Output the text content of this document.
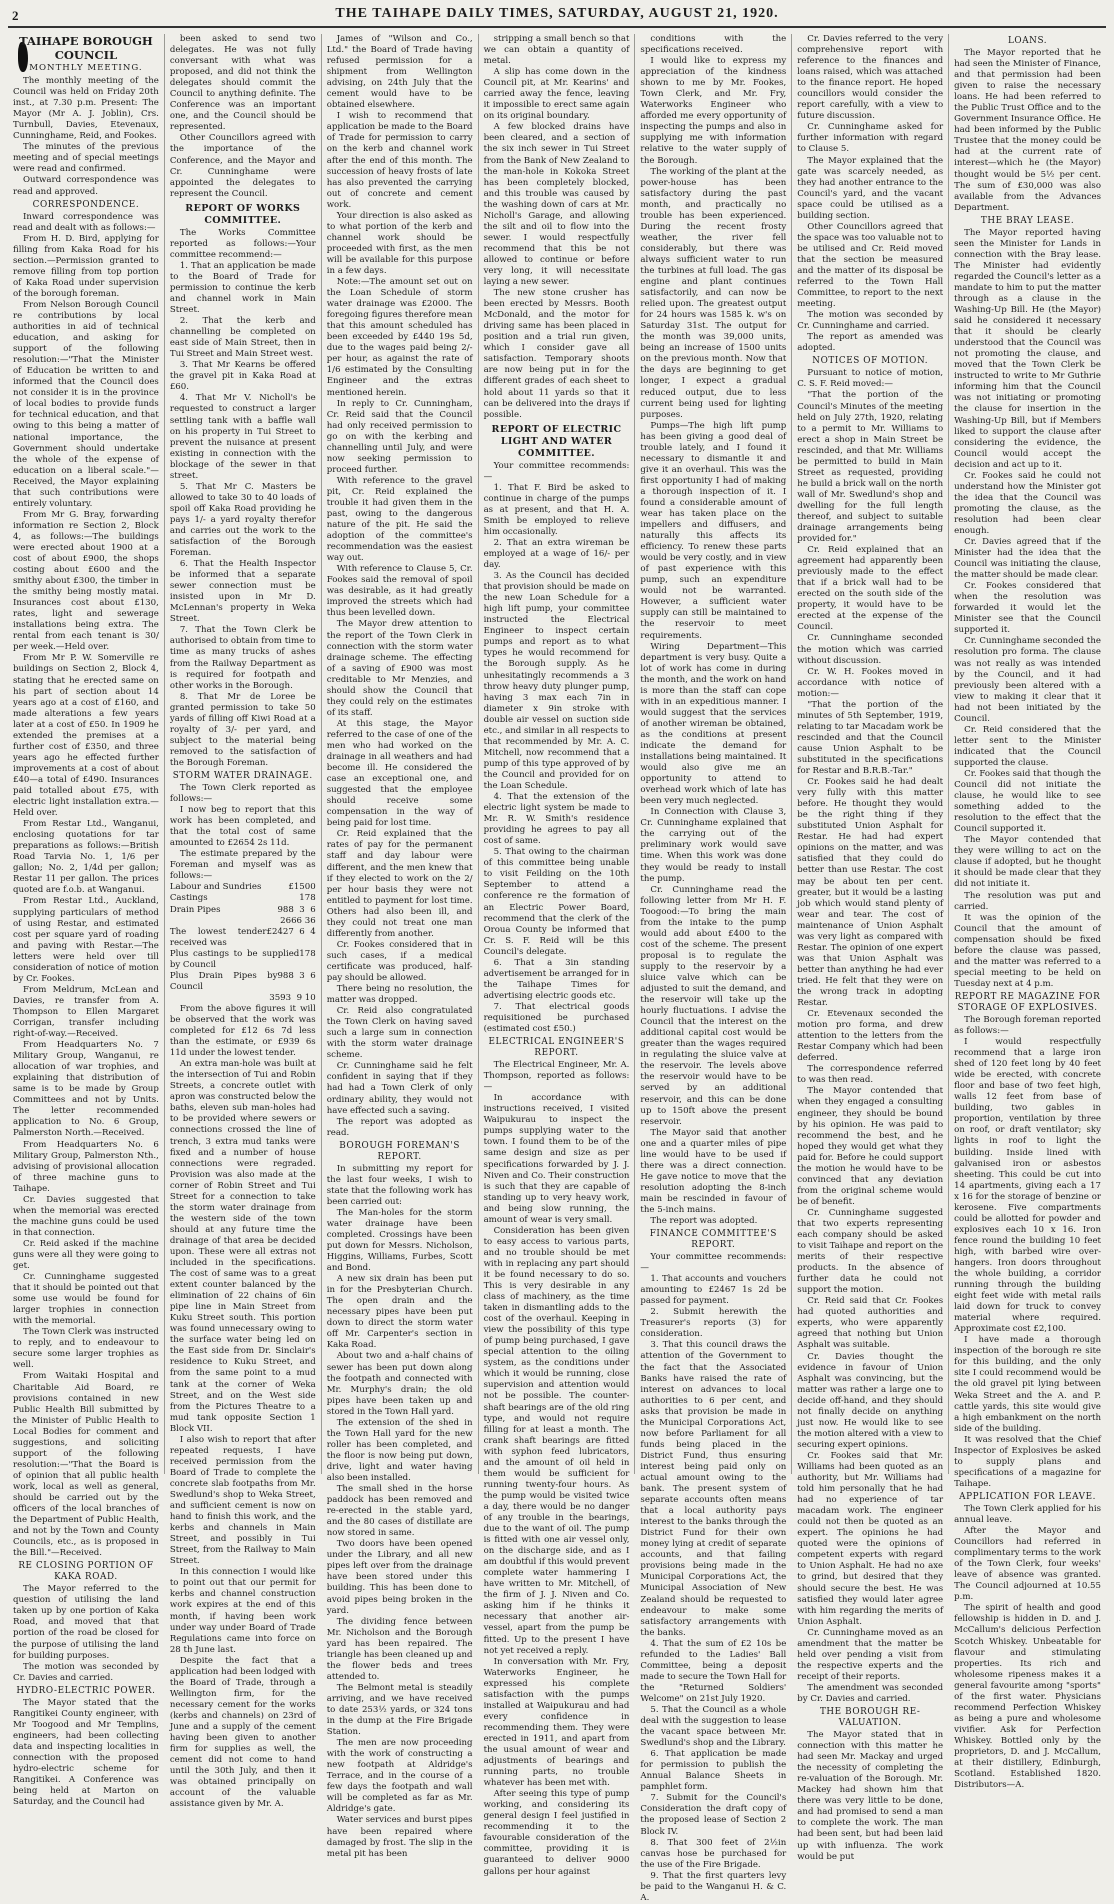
2	THE TAIHAPE DAILY TIMES, SATURDAY, AUGUST 21, 1920.
TAIHAPE BOROUGH COUNCIL
MONTHLY MEETING.

The monthly meeting of the Council was held on Friday 20th inst., at 7.30 p.m. Present: The Mayor (Mr A. J. Joblin), Crs. Turnbull, Davies, Etevenaux, Cunninghame, Reid, and Fookes.

The minutes of the previous meeting and of special meetings were read and confirmed.

Outward correspondence was read and approved.

CORRESPONDENCE.

Inward correspondence was read and dealt with as follows:—

From H. D. Bird, applying for filling from Kaka Road for his section.—Permission granted to remove filling from top portion of Kaka Road under supervision of the borough foreman.

From Nelson Borough Council re contributions by local authorities in aid of technical education, and asking for support of the following resolution:—"That the Minister of Education be written to and informed that the Council does not consider it is in the province of local bodies to provide funds for technical education, and that owing to this being a matter of national importance, the Government should undertake the whole of the expense of education on a liberal scale."—Received, the Mayor explaining that such contributions were entirely voluntary.

From Mr G. Bray, forwarding information re Section 2, Block 4, as follows:—The buildings were erected about 1900 at a cost of about £900, the shops costing about £600 and the smithy about £300, the timber in the smithy being mostly matai. Insurances cost about £130, rates, light and sewerage installations being extra. The rental from each tenant is 30/ per week.—Held over.

From Mr P. W. Somerville re buildings on Section 2, Block 4, stating that he erected same on his part of section about 14 years ago at a cost of £160, and made alterations a few years later at a cost of £50. In 1909 he extended the premises at a further cost of £350, and three years ago he effected further improvements at a cost of about £40—a total of £490. Insurances paid totalled about £75, with electric light installation extra.—Held over.

From Restar Ltd., Wanganui, enclosing quotations for tar preparations as follows:—British Road Tarvia No. 1, 1/6 per gallon; No. 2, 1/4d per gallon; Restar 11 per gallon. The prices quoted are f.o.b. at Wanganui.

From Restar Ltd., Auckland, supplying particulars of method of using Restar, and estimated cost per square yard of roading and paving with Restar.—The letters were held over till consideration of notice of motion by Cr. Fookes.

From Meldrum, McLean and Davies, re transfer from A. Thompson to Ellen Margaret Corrigan, transfer including right-of-way.—Received.

From Headquarters No. 7 Military Group, Wanganui, re allocation of war trophies, and explaining that distribution of same is to be made by Group Committees and not by Units. The letter recommended application to No. 6 Group, Palmerston North.—Received.

From Headquarters No. 6 Military Group, Palmerston Nth., advising of provisional allocation of three machine guns to Taihape.

Cr. Davies suggested that when the memorial was erected the machine guns could be used in that connection.

Cr. Reid asked if the machine guns were all they were going to get.

Cr. Cunninghame suggested that it should be pointed out that some use would be found for larger trophies in connection with the memorial.

The Town Clerk was instructed to reply, and to endeavour to secure some larger trophies as well.

From Waitaki Hospital and Charitable Aid Board, re provisions contained in new Public Health Bill submitted by the Minister of Public Health to Local Bodies for comment and suggestions, and soliciting support of the following resolution:—"That the Board is of opinion that all public health work, local as well as general, should be carried out by the officers of the local branches of the Department of Public Health, and not by the Town and County Councils, etc., as is proposed in the Bill."—Received.

RE CLOSING PORTION OF KAKA ROAD.

The Mayor referred to the question of utilising the land taken up by one portion of Kaka Road, and moved that that portion of the road be closed for the purpose of utilising the land for building purposes.

The motion was seconded by Cr. Davies and carried.

HYDRO-ELECTRIC POWER.

The Mayor stated that the Rangitikei County engineer, with Mr Toogood and Mr Templins, engineers, had been collecting data and inspecting localities in connection with the proposed hydro-electric scheme for Rangitikei. A Conference was being held at Marton on Saturday, and the Council had

been asked to send two delegates. He was not fully conversant with what was proposed, and did not think the delegates should commit the Council to anything definite. The Conference was an important one, and the Council should be represented.

Other Councillors agreed with the importance of the Conference, and the Mayor and Cr. Cunninghame were appointed the delegates to represent the Council.

REPORT OF WORKS COMMITTEE.

The Works Committee reported as follows:—Your committee recommend:—

1. That an application be made to the Board of Trade for permission to continue the kerb and channel work in Main Street.

2. That the kerb and channelling be completed on east side of Main Street, then in Tui Street and Main Street west.

3. That Mr Kearns be offered the gravel pit in Kaka Road at £60.

4. That Mr V. Nicholl's be requested to construct a larger settling tank with a baffle wall on his property in Tui Street to prevent the nuisance at present existing in connection with the blockage of the sewer in that street.

5. That Mr C. Masters be allowed to take 30 to 40 loads of spoil off Kaka Road providing he pays 1/- a yard royalty therefor and carries out the work to the satisfaction of the Borough Foreman.

6. That the Health Inspector be informed that a separate sewer connection must be insisted upon in Mr D. McLennan's property in Weka Street.

7. That the Town Clerk be authorised to obtain from time to time as many trucks of ashes from the Railway Department as is required for footpath and other works in the Borough.

8. That Mr de Loree be granted permission to take 50 yards of filling off Kiwi Road at a royalty of 3/- per yard, and subject to the material being removed to the satisfaction of the Borough Foreman.

STORM WATER DRAINAGE.

The Town Clerk reported as follows:—

I now beg to report that this work has been completed, and that the total cost of same amounted to £2654 2s 11d.

The estimate prepared by the Foreman and myself was as follows:—

Labour and Sundries	£1500

Castings	178

Drain Pipes	988  3  6

2666 36

The lowest tender received was
£2427  6  4

Plus castings to be supplied by Council
178

Plus Drain Pipes by Council
988  3  6

3593  9 10

From the above figures it will be observed that the work was completed for £12 6s 7d less than the estimate, or £939 6s 11d under the lowest tender.

An extra man-hole was built at the intersection of Tui and Robin Streets, a concrete outlet with apron was constructed below the baths, eleven sub man-holes had to be provided where sewers or connections crossed the line of trench, 3 extra mud tanks were fixed and a number of house connections were regraded. Provision was also made at the corner of Robin Street and Tui Street for a connection to take the storm water drainage from the western side of the town should at any future time the drainage of that area be decided upon. These were all extras not included in the specifications. The cost of same was to a great extent counter balanced by the elimination of 22 chains of 6in pipe line in Main Street from Kuku Street south. This portion was found unnecessary owing to the surface water being led on the East side from Dr. Sinclair's residence to Kuku Street, and from the same point to a mud tank at the corner of Weka Street, and on the West side from the Pictures Theatre to a mud tank opposite Section 1 Block VII.

I also wish to report that after repeated requests, I have received permission from the Board of Trade to complete the concrete slab footpaths from Mr. Swedlund's shop to Weka Street, and sufficient cement is now on hand to finish this work, and the kerbs and channels in Main Street, and possibly in Tui Street, from the Railway to Main Street.

In this connection I would like to point out that our permit for kerbs and channel construction work expires at the end of this month, if having been work under way under Board of Trade Regulations came into force on 28 th June last.

Despite the fact that a application had been lodged with the Board of Trade, through a Wellington firm, for the necessary cement for the works (kerbs and channels) on 23rd of June and a supply of the cement having been given to another firm for supplies as well, the cement did not come to hand until the 30th July, and then it was obtained principally on account of the valuable assistance given by Mr. A.

James of "Wilson and Co., Ltd." the Board of Trade having refused permission for a shipment from Wellington advising, on 24th July that the cement would have to be obtained elsewhere.

I wish to recommend that application be made to the Board of Trade for permission to carry on the kerb and channel work after the end of this month. The succession of heavy frosts of late has also prevented the carrying out of concrete and cement work.

Your direction is also asked as to what portion of the kerb and channel work should be proceeded with first, as the men will be available for this purpose in a few days.

Note:—The amount set out on the Loan Schedule of storm water drainage was £2000. The foregoing figures therefore mean that this amount scheduled has been exceeded by £440 19s 5d, due to the wages paid being 2/- per hour, as against the rate of 1/6 estimated by the Consulting Engineer and the extras mentioned herein.

In reply to Cr. Cunningham, Cr. Reid said that the Council had only received permission to go on with the kerbing and channelling until July, and were now seeking permission to proceed further.

With reference to the gravel pit, Cr. Reid explained the trouble it had given them in the past, owing to the dangerous nature of the pit. He said the adoption of the committee's recommendation was the easiest way out.

With reference to Clause 5, Cr. Fookes said the removal of spoil was desirable, as it had greatly improved the streets which had thus been levelled down.

The Mayor drew attention to the report of the Town Clerk in connection with the storm water drainage scheme. The effecting of a saving of £900 was most creditable to Mr Menzies, and should show the Council that they could rely on the estimates of its staff.

At this stage, the Mayor referred to the case of one of the men who had worked on the drainage in all weathers and had become ill. He considered the case an exceptional one, and suggested that the employee should receive some compensation in the way of being paid for lost time.

Cr. Reid explained that the rates of pay for the permanent staff and day labour were different, and the men knew that if they elected to work on the 2/ per hour basis they were not entitled to payment for lost time. Others had also been ill, and they could not treat one man differently from another.

Cr. Fookes considered that in such cases, if a medical certificate was produced, half-pay should be allowed.

There being no resolution, the matter was dropped.

Cr. Reid also congratulated the Town Clerk on having saved such a large sum in connection with the storm water drainage scheme.

Cr. Cunninghame said he felt confident in saying that if they had had a Town Clerk of only ordinary ability, they would not have effected such a saving.

The report was adopted as read.

BOROUGH FOREMAN'S REPORT.

In submitting my report for the last four weeks, I wish to state that the following work has been carried out:

The Man-holes for the storm water drainage have been completed. Crossings have been put down for Messrs. Nicholson, Higgins, Williams, Furbes, Scott and Bond.

A new six drain has been put in for the Presbyterian Church. The open drain and the necessary pipes have been put down to direct the storm water off Mr. Carpenter's section in Kaka Road.

About two and a-half chains of sewer has been put down along the footpath and connected with Mr. Murphy's drain; the old pipes have been taken up and stored in the Town Hall yard.

The extension of the shed in the Town Hall yard for the new roller has been completed, and the floor is now being put down, drive, light and water having also been installed.

The small shed in the horse paddock has been removed and re-erected in the stable yard, and the 80 cases of distillate are now stored in same.

Two doors have been opened under the Library, and all new pipes left over from the drainage have been stored under this building. This has been done to avoid pipes being broken in the yard.

The dividing fence between Mr. Nicholson and the Borough yard has been repaired. The triangle has been cleaned up and the flower beds and trees attended to.

The Belmont metal is steadily arriving, and we have received to date 253½ yards, or 324 tons in the dump at the Fire Brigade Station.

The men are now proceeding with the work of constructing a new footpath at Aldridge's Terrace, and in the course of a few days the footpath and wall will be completed as far as Mr. Aldridge's gate.

Water services and burst pipes have been repaired where damaged by frost. The slip in the metal pit has been

stripping a small bench so that we can obtain a quantity of metal.

A slip has come down in the Council pit, at Mr. Kearins' and carried away the fence, leaving it impossible to erect same again on its original boundary.

A few blocked drains have been cleared, and a section of the six inch sewer in Tui Street from the Bank of New Zealand to the man-hole in Kokoka Street has been completely blocked, and this trouble was caused by the washing down of cars at Mr. Nicholl's Garage, and allowing the silt and oil to flow into the sewer. I would respectfully recommend that this be not allowed to continue or before very long, it will necessitate laying a new sewer.

The new stone crusher has been erected by Messrs. Booth McDonald, and the motor for driving same has been placed in position and a trial run given, which I consider gave all satisfaction. Temporary shoots are now being put in for the different grades of each sheet to hold about 11 yards so that it can be delivered into the drays if possible.

REPORT OF ELECTRIC LIGHT AND WATER COMMITTEE.

Your committee recommends:—

1. That F. Bird be asked to continue in charge of the pumps as at present, and that H. A. Smith be employed to relieve him occasionally.

2. That an extra wireman be employed at a wage of 16/- per day.

3. As the Council has decided that provision should be made on the new Loan Schedule for a high lift pump, your committee instructed the Electrical Engineer to inspect certain pumps and report as to what types he would recommend for the Borough supply. As he unhesitatingly recommends a 3 throw heavy duty plunger pump, having 3 max each 7in in diameter x 9in stroke with double air vessel on suction side etc., and similar in all respects to that recommended by Mr. A. C. Mitchell, now recommend that a pump of this type approved of by the Council and provided for on the Loan Schedule.

4. That the extension of the electric light system be made to Mr. R. W. Smith's residence providing he agrees to pay all cost of same.

5. That owing to the chairman of this committee being unable to visit Feilding on the 10th September to attend a conference re the formation of an Electric Power Board, recommend that the clerk of the Oroua County be informed that Cr. S. F. Reid will be this Council's delegate.

6. That a 3in standing advertisement be arranged for in the Taihape Times for advertising electric goods etc.

7. That electrical goods requisitioned be purchased (estimated cost £50.)

ELECTRICAL ENGINEER'S REPORT.

The Electrical Engineer, Mr. A. Thompson, reported as follows:—

In accordance with instructions received, I visited Waipukurau to inspect the pumps supplying water to the town. I found them to be of the same design and size as per specifications forwarded by J. J. Niven and Co. Their construction is such that they are capable of standing up to very heavy work, and being slow running, the amount of wear is very small.

Consideration has been given to easy access to various parts, and no trouble should be met with in replacing any part should it be found necessary to do so. This is very desirable in any class of machinery, as the time taken in dismantling adds to the cost of the overhaul. Keeping in view the possibility of this type of pump being purchased, I gave special attention to the oiling system, as the conditions under which it would be running, close supervision and attention would not be possible. The counter-shaft bearings are of the old ring type, and would not require filling for at least a month. The crank shaft bearings are fitted with syphon feed lubricators, and the amount of oil held in them would be sufficient for running twenty-four hours. As the pump would be visited twice a day, there would be no danger of any trouble in the bearings, due to the want of oil. The pump is fitted with one air vessel only, on the discharge side, and as I am doubtful if this would prevent complete water hammering I have written to Mr. Mitchell, of the firm of J. J. Niven and Co. asking him if he thinks it necessary that another air-vessel, apart from the pump be fitted. Up to the present I have not yet received a reply.

In conversation with Mr. Fry, Waterworks Engineer, he expressed his complete satisfaction with the pumps installed at Waipukurau and had every confidence in recommending them. They were erected in 1911, and apart from the usual amount of wear and adjustments of bearings and running parts, no trouble whatever has been met with.

After seeing this type of pump working, and considering its general design I feel justified in recommending it to the favourable consideration of the committee, providing it is guaranteed to deliver 9000 gallons per hour against

conditions with the specifications received.

I would like to express my appreciation of the kindness shown to me by Mr. Fookes, Town Clerk, and Mr. Fry, Waterworks Engineer who afforded me every opportunity of inspecting the pumps and also in supplying me with information relative to the water supply of the Borough.

The working of the plant at the power-house has been satisfactory during the past month, and practically no trouble has been experienced. During the recent frosty weather, the river fell considerably, but there was always sufficient water to run the turbines at full load. The gas engine and plant continues satisfactorily, and can now be relied upon. The greatest output for 24 hours was 1585 k. w's on Saturday 31st. The output for the month was 39,000 units, being an increase of 1500 units on the previous month. Now that the days are beginning to get longer, I expect a gradual reduced output, due to less current being used for lighting purposes.

Pumps—The high lift pump has been giving a good deal of trouble lately, and I found it necessary to dismantle it and give it an overhaul. This was the first opportunity I had of making a thorough inspection of it. I found a considerable amount of wear has taken place on the impellers and diffusers, and naturally this affects its efficiency. To renew these parts would be very costly, and in view of past experience with this pump, such an expenditure would not be warranted. However, a sufficient water supply can still be maintained to the reservoir to meet requirements.

Wiring Department—This department is very busy. Quite a lot of work has come in during the month, and the work on hand is more than the staff can cope with in an expeditious manner. I would suggest that the services of another wireman be obtained, as the conditions at present indicate the demand for installations being maintained. It would also give me an opportunity to attend to overhead work which of late has been very much neglected.

In Connection with Clause 3, Cr. Cunninghame explained that the carrying out of the preliminary work would save time. When this work was done they would be ready to install the pump.

Cr. Cunninghame read the following letter from Mr H. F. Toogood:—To bring the main from the intake to the pump would add about £400 to the cost of the scheme. The present proposal is to regulate the supply to the reservoir by a sluice valve which can be adjusted to suit the demand, and the reservoir will take up the hourly fluctuations. I advise the Council that the interest on the additional capital cost would be greater than the wages required in regulating the sluice valve at the reservoir. The levels above the reservoir would have to be served by an additional reservoir, and this can be done up to 150ft above the present reservoir.

The Mayor said that another one and a quarter miles of pipe line would have to be used if there was a direct connection. He gave notice to move that the resolution adopting the 8-inch main be rescinded in favour of the 5-inch mains.

The report was adopted.

FINANCE COMMITTEE'S REPORT.

Your committee recommends:—

1. That accounts and vouchers amounting to £2467 1s 2d be passed for payment.

2. Submit herewith the Treasurer's reports (3) for consideration.

3. That this council draws the attention of the Government to the fact that the Associated Banks have raised the rate of interest on advances to local authorities to 6 per cent, and asks that provision be made in the Municipal Corporations Act, now before Parliament for all funds being placed in the District Fund, thus ensuring interest being paid only on actual amount owing to the bank. The present system of separate accounts often means that a local authority pays interest to the banks through the District Fund for their own money lying at credit of separate accounts, and that failing provisions being made in the Municipal Corporations Act, the Municipal Association of New Zealand should be requested to endeavour to make some satisfactory arrangements with the banks.

4. That the sum of £2 10s be refunded to the Ladies' Ball Committee, being a deposit made to secure the Town Hall for the "Returned Soldiers' Welcome" on 21st July 1920.

5. That the Council as a whole deal with the suggestion to lease the vacant space between Mr. Swedlund's shop and the Library.

6. That application be made for permission to publish the Annual Balance Sheets in pamphlet form.

7. Submit for the Council's Consideration the draft copy of the proposed lease of Section 2 Block IV.

8. That 300 feet of 2½in canvas hose be purchased for the use of the Fire Brigade.

9. That the first quarters levy be paid to the Wanganui H. & C. A.

Cr. Davies referred to the very comprehensive report with reference to the finances and loans raised, which was attached to the finance report. He hoped councillors would consider the report carefully, with a view to future discussion.

Cr. Cunninghame asked for further information with regard to Clause 5.

The Mayor explained that the gate was scarcely needed, as they had another entrance to the Council's yard, and the vacant space could be utilised as a building section.

Other Councillors agreed that the space was too valuable not to be utilised and Cr. Reid moved that the section be measured and the matter of its disposal be referred to the Town Hall Committee, to report to the next meeting.

The motion was seconded by Cr. Cunninghame and carried.

The report as amended was adopted.

NOTICES OF MOTION.

Pursuant to notice of motion, C. S. F. Reid moved:—

"That the portion of the Council's Minutes of the meeting held on July 27th, 1920, relating to a permit to Mr. Williams to erect a shop in Main Street be rescinded, and that Mr. Williams be permitted to build in Main Street as requested, providing he build a brick wall on the north wall of Mr. Swedlund's shop and dwelling for the full length thereof, and subject to suitable drainage arrangements being provided for."

Cr. Reid explained that an agreement had apparently been previously made to the effect that if a brick wall had to be erected on the south side of the property, it would have to be erected at the expense of the Council.

Cr. Cunninghame seconded the motion which was carried without discussion.

Cr. W. H. Fookes moved in accordance with notice of motion:—

"That the portion of the minutes of 5th September, 1919, relating to tar Macadam work be rescinded and that the Council cause Union Asphalt to be substituted in the specifications for Restar and B.R.B.-Tar."

Cr. Fookes said he had dealt very fully with this matter before. He thought they would be the right thing if they substituted Union Asphalt for Restar. He had had expert opinions on the matter, and was satisfied that they could do better than use Restar. The cost may be about ten per cent. greater, but it would be a lasting job which would stand plenty of wear and tear. The cost of maintenance of Union Asphalt was very light as compared with Restar. The opinion of one expert was that Union Asphalt was better than anything he had ever tried. He felt that they were on the wrong track in adopting Restar.

Cr. Etevenaux seconded the motion pro forma, and drew attention to the letters from the Restar Company which had been deferred.

The correspondence referred to was then read.

The Mayor contended that when they engaged a consulting engineer, they should be bound by his opinion. He was paid to recommend the best, and he hoped they would get what they paid for. Before he could support the motion he would have to be convinced that any deviation from the original scheme would be of benefit.

Cr. Cunninghame suggested that two experts representing each company should be asked to visit Taihape and report on the merits of their respective products. In the absence of further data he could not support the motion.

Cr. Reid said that Cr. Fookes had quoted authorities and experts, who were apparently agreed that nothing but Union Asphalt was suitable.

Cr. Davies thought the evidence in favour of Union Asphalt was convincing, but the matter was rather a large one to decide off-hand, and they should not finally decide on anything just now. He would like to see the motion altered with a view to securing expert opinions.

Cr. Fookes said that Mr. Williams had been quoted as an authority, but Mr. Williams had told him personally that he had had no experience of tar macadam work. The engineer could not then be quoted as an expert. The opinions he had quoted were the opinions of competent experts with regard to Union Asphalt. He had no axe to grind, but desired that they should secure the best. He was satisfied they would later agree with him regarding the merits of Union Asphalt.

Cr. Cunninghame moved as an amendment that the matter be held over pending a visit from the respective experts and the receipt of their reports.

The amendment was seconded by Cr. Davies and carried.

THE BOROUGH RE-VALUATION.

The Mayor stated that in connection with this matter he had seen Mr. Mackay and urged the necessity of completing the re-valuation of the Borough. Mr. Mackey had shown him that there was very little to be done, and had promised to send a man to complete the work. The man had been sent, but had been laid up with influenza. The work would be put

LOANS.

The Mayor reported that he had seen the Minister of Finance, and that permission had been given to raise the necessary loans. He had been referred to the Public Trust Office and to the Government Insurance Office. He had been informed by the Public Trustee that the money could be had at the current rate of interest—which he (the Mayor) thought would be 5½ per cent. The sum of £30,000 was also available from the Advances Department.

THE BRAY LEASE.

The Mayor reported having seen the Minister for Lands in connection with the Bray lease. The Minister had evidently regarded the Council's letter as a mandate to him to put the matter through as a clause in the Washing-Up Bill. He (the Mayor) said he considered it necessary that it should be clearly understood that the Council was not promoting the clause, and moved that the Town Clerk be instructed to write to Mr Guthrie informing him that the Council was not initiating or promoting the clause for insertion in the Washing-Up Bill, but if Members liked to support the clause after considering the evidence, the Council would accept the decision and act up to it.

Cr. Fookes said he could not understand how the Minister got the idea that the Council was promoting the clause, as the resolution had been clear enough.

Cr. Davies agreed that if the Minister had the idea that the Council was initiating the clause, the matter should be made clear.

Cr. Fookes considered that when the resolution was forwarded it would let the Minister see that the Council supported it.

Cr. Cunninghame seconded the resolution pro forma. The clause was not really as was intended by the Council, and it had previously been altered with a view to making it clear that it had not been initiated by the Council.

Cr. Reid considered that the letter sent to the Minister indicated that the Council supported the clause.

Cr. Fookes said that though the Council did not initiate the clause, he would like to see something added to the resolution to the effect that the Council supported it.

The Mayor contended that they were willing to act on the clause if adopted, but he thought it should be made clear that they did not initiate it.

The resolution was put and carried.

It was the opinion of the Council that the amount of compensation should be fixed before the clause was passed, and the matter was referred to a special meeting to be held on Tuesday next at 4 p.m.

REPORT RE MAGAZINE FOR STORAGE OF EXPLOSIVES.

The Borough foreman reported as follows:—

I would respectfully recommend that a large iron shed of 120 feet long by 40 feet wide be erected, with concrete floor and base of two feet high, walls 12 feet from base of building, two gables in proportion, ventilation by three on roof, or draft ventilator; sky lights in roof to light the building. Inside lined with galvanised iron or asbestos sheeting. This could be cut into 14 apartments, giving each a 17 x 16 for the storage of benzine or kerosene. Five compartments could be allotted for powder and explosives each 10 x 16. Iron fence round the building 10 feet high, with barbed wire over-hangers. Iron doors throughout the whole building, a corridor running through the building eight feet wide with metal rails laid down for truck to convey material where required. Approximate cost £2,100.

I have made a thorough inspection of the borough re site for this building, and the only site I could recommend would be the old gravel pit lying between Weka Street and the A. and P. cattle yards, this site would give a high embankment on the north side of the building.

It was resolved that the Chief Inspector of Explosives be asked to supply plans and specifications of a magazine for Taihape.

APPLICATION FOR LEAVE.

The Town Clerk applied for his annual leave.

After the Mayor and Councillors had referred in complimentary terms to the work of the Town Clerk, four weeks' leave of absence was granted. The Council adjourned at 10.55 p.m.

The spirit of health and good fellowship is hidden in D. and J. McCallum's delicious Perfection Scotch Whiskey. Unbeatable for flavour and stimulating properties. Its rich and wholesome ripeness makes it a general favourite among "sports" of the first water. Physicians recommend Perfection Whiskey as being a pure and wholesome vivifier. Ask for Perfection Whiskey. Bottled only by the proprietors, D. and J. McCallum, at their distillery, Edinburgh, Scotland. Established 1820. Distributors—A.
